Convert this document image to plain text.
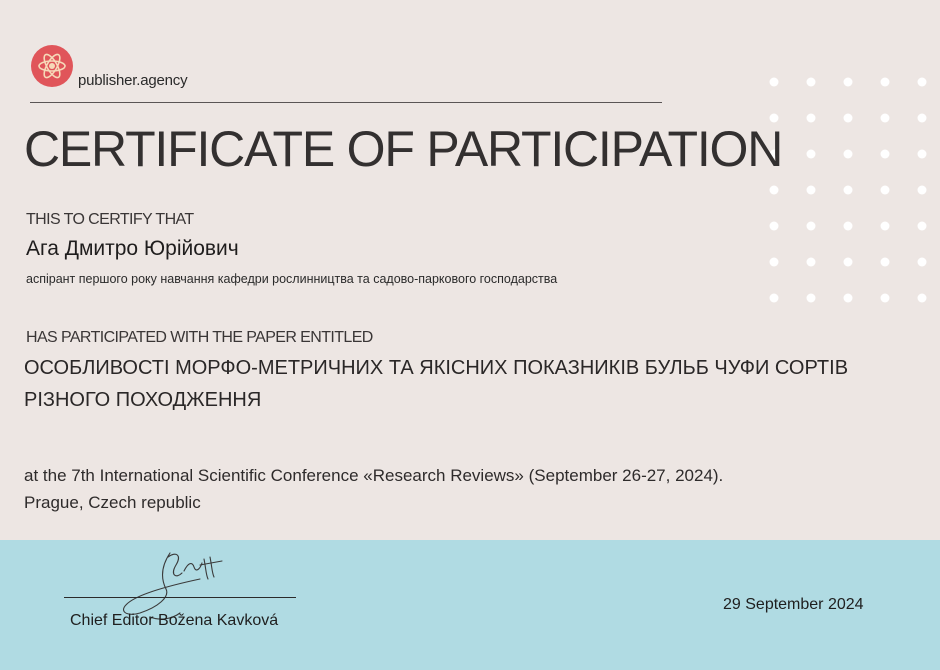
publisher.agency
CERTIFICATE OF PARTICIPATION
THIS TO CERTIFY THAT
Ага Дмитро Юрійович
аспірант першого року навчання кафедри рослинництва та садово-паркового господарства
HAS PARTICIPATED WITH THE PAPER ENTITLED
ОСОБЛИВОСТІ МОРФО-МЕТРИЧНИХ ТА ЯКІСНИХ ПОКАЗНИКІВ БУЛЬБ ЧУФИ СОРТІВ
РІЗНОГО ПОХОДЖЕННЯ
at the 7th International Scientific Conference «Research Reviews» (September 26-27, 2024).
Prague, Czech republic
Chief Editor Božena Kavková
29 September 2024
